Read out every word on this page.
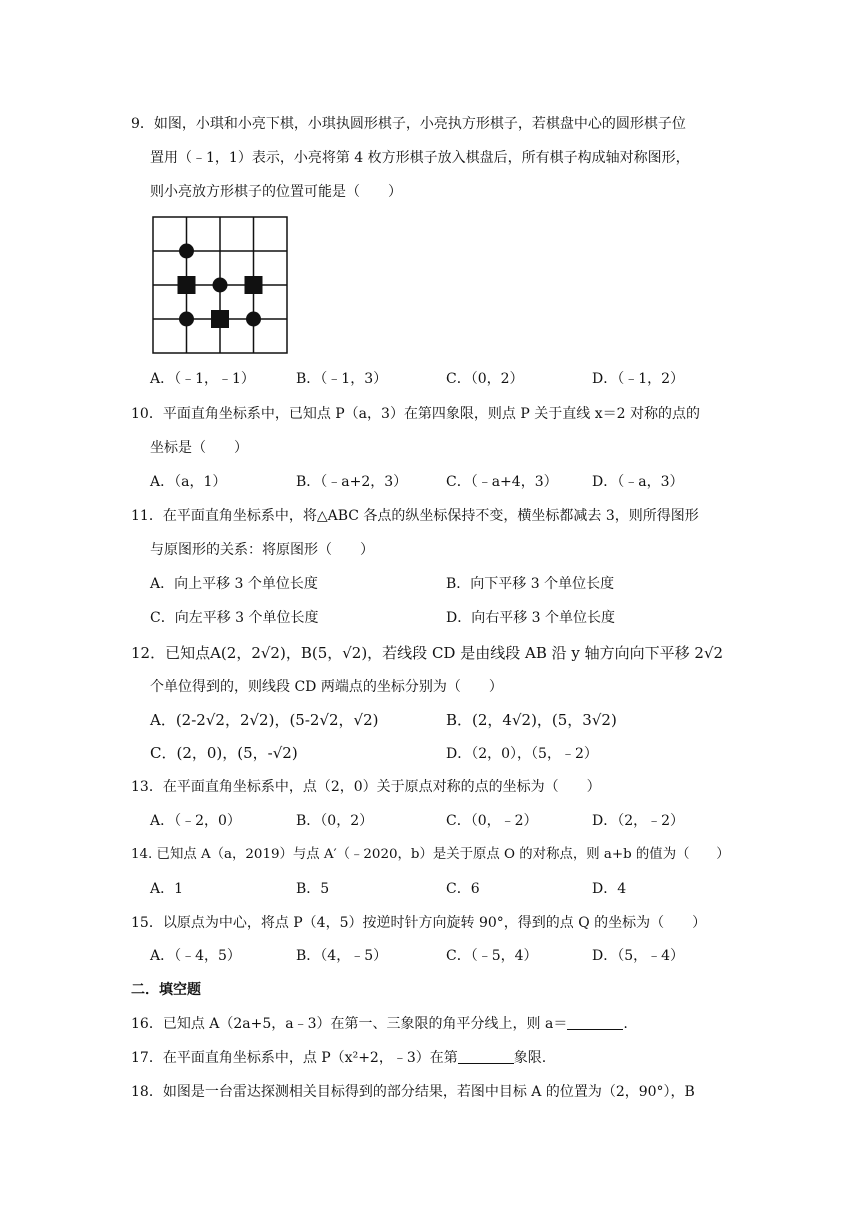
9．如图，小琪和小亮下棋，小琪执圆形棋子，小亮执方形棋子，若棋盘中心的圆形棋子位
置用（﹣1，1）表示，小亮将第 4 枚方形棋子放入棋盘后，所有棋子构成轴对称图形，
则小亮放方形棋子的位置可能是（　　）
A．（﹣1，﹣1）	B．（﹣1，3）	C．（0，2）	D．（﹣1，2）
10．平面直角坐标系中，已知点 P（a，3）在第四象限，则点 P 关于直线 x＝2 对称的点的
坐标是（　　）
A．（a，1）	B．（﹣a+2，3）	C．（﹣a+4，3） D．（﹣a，3）
11．在平面直角坐标系中，将△ABC 各点的纵坐标保持不变，横坐标都减去 3，则所得图形
与原图形的关系：将原图形（　　）
A．向上平移 3 个单位长度	B．向下平移 3 个单位长度
C．向左平移 3 个单位长度	D．向右平移 3 个单位长度
12．已知点A(2，2√2)，B(5，√2)，若线段 CD 是由线段 AB 沿 y 轴方向向下平移 2√2
个单位得到的，则线段 CD 两端点的坐标分别为（　　）
A．(2-2√2，2√2)，(5-2√2，√2)	B．(2，4√2)，(5，3√2)
C．(2，0)，(5，-√2)	D．（2，0），（5，﹣2）
13．在平面直角坐标系中，点（2，0）关于原点对称的点的坐标为（　　）
A．（﹣2，0）	B．（0，2）	C．（0，﹣2）	D．（2，﹣2）
14. 已知点 A（a，2019）与点 A′（﹣2020，b）是关于原点 O 的对称点，则 a+b 的值为（　　）
A．1	B．5	C．6	D．4
15．以原点为中心，将点 P（4，5）按逆时针方向旋转 90°，得到的点 Q 的坐标为（　　）
A．（﹣4，5）	B．（4，﹣5）	C．（﹣5，4）	D．（5，﹣4）
二．填空题
16．已知点 A（2a+5，a﹣3）在第一、三象限的角平分线上，则 a＝	.
17．在平面直角坐标系中，点 P（x²+2，﹣3）在第	象限.
18．如图是一台雷达探测相关目标得到的部分结果，若图中目标 A 的位置为（2，90°），B
